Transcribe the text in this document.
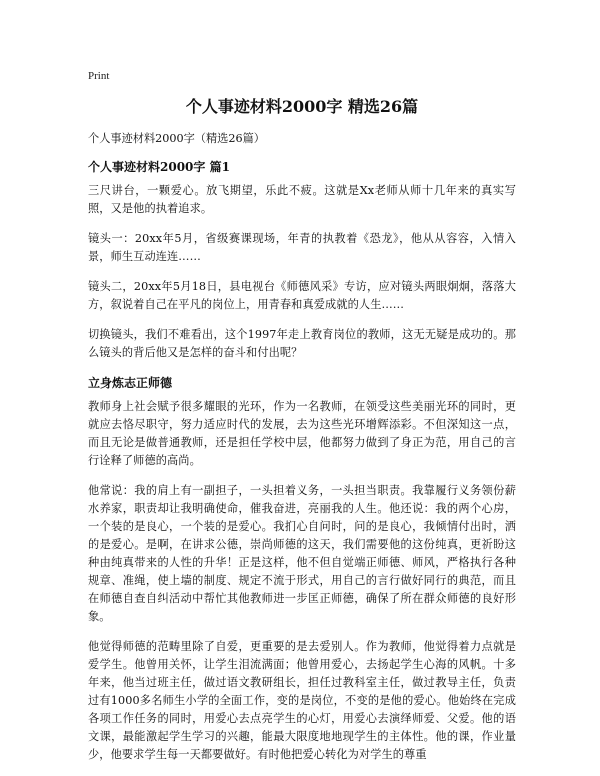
Print
个人事迹材料2000字 精选26篇
个人事迹材料2000字（精选26篇）
个人事迹材料2000字 篇1
三尺讲台，一颗爱心。放飞期望，乐此不疲。这就是Xx老师从师十几年来的真实写照，又是他的执着追求。
镜头一：20xx年5月，省级赛课现场，年青的执教着《恐龙》，他从从容容，入情入景，师生互动连连……
镜头二，20xx年5月18日，县电视台《师德风采》专访，应对镜头两眼炯炯，落落大方，叙说着自己在平凡的岗位上，用青春和真爱成就的人生……
切换镜头，我们不难看出，这个1997年走上教育岗位的教师，这无无疑是成功的。那么镜头的背后他又是怎样的奋斗和付出呢？
立身炼志正师德
教师身上社会赋予很多耀眼的光环，作为一名教师，在领受这些美丽光环的同时，更就应去恪尽职守，努力适应时代的发展，去为这些光环增辉添彩。不但深知这一点，而且无论是做普通教师，还是担任学校中层，他都努力做到了身正为范，用自己的言行诠释了师德的高尚。
他常说：我的肩上有一副担子，一头担着义务，一头担当职责。我靠履行义务领份薪水养家，职责却让我明确使命，催我奋进，亮丽我的人生。他还说：我的两个心房，一个装的是良心，一个装的是爱心。我扪心自问时，问的是良心，我倾情付出时，洒的是爱心。是啊，在讲求公德，崇尚师德的这天，我们需要他的这份纯真，更祈盼这种由纯真带来的人性的升华！正是这样，他不但自觉端正师德、师风，严格执行各种规章、准绳，使上墙的制度、规定不流于形式，用自己的言行做好同行的典范，而且在师德自查自纠活动中帮忙其他教师进一步匡正师德，确保了所在群众师德的良好形象。
他觉得师德的范畴里除了自爱，更重要的是去爱别人。作为教师，他觉得着力点就是爱学生。他曾用关怀，让学生泪流满面；他曾用爱心，去扬起学生心海的风帆。十多年来，他当过班主任，做过语文教研组长，担任过教科室主任，做过教导主任，负责过有1000多名师生小学的全面工作，变的是岗位，不变的是他的爱心。他始终在完成各项工作任务的同时，用爱心去点亮学生的心灯，用爱心去演绎师爱、父爱。他的语文课，最能激起学生学习的兴趣，能最大限度地地现学生的主体性。他的课，作业量少，他要求学生每一天都要做好。有时他把爱心转化为对学生的尊重
